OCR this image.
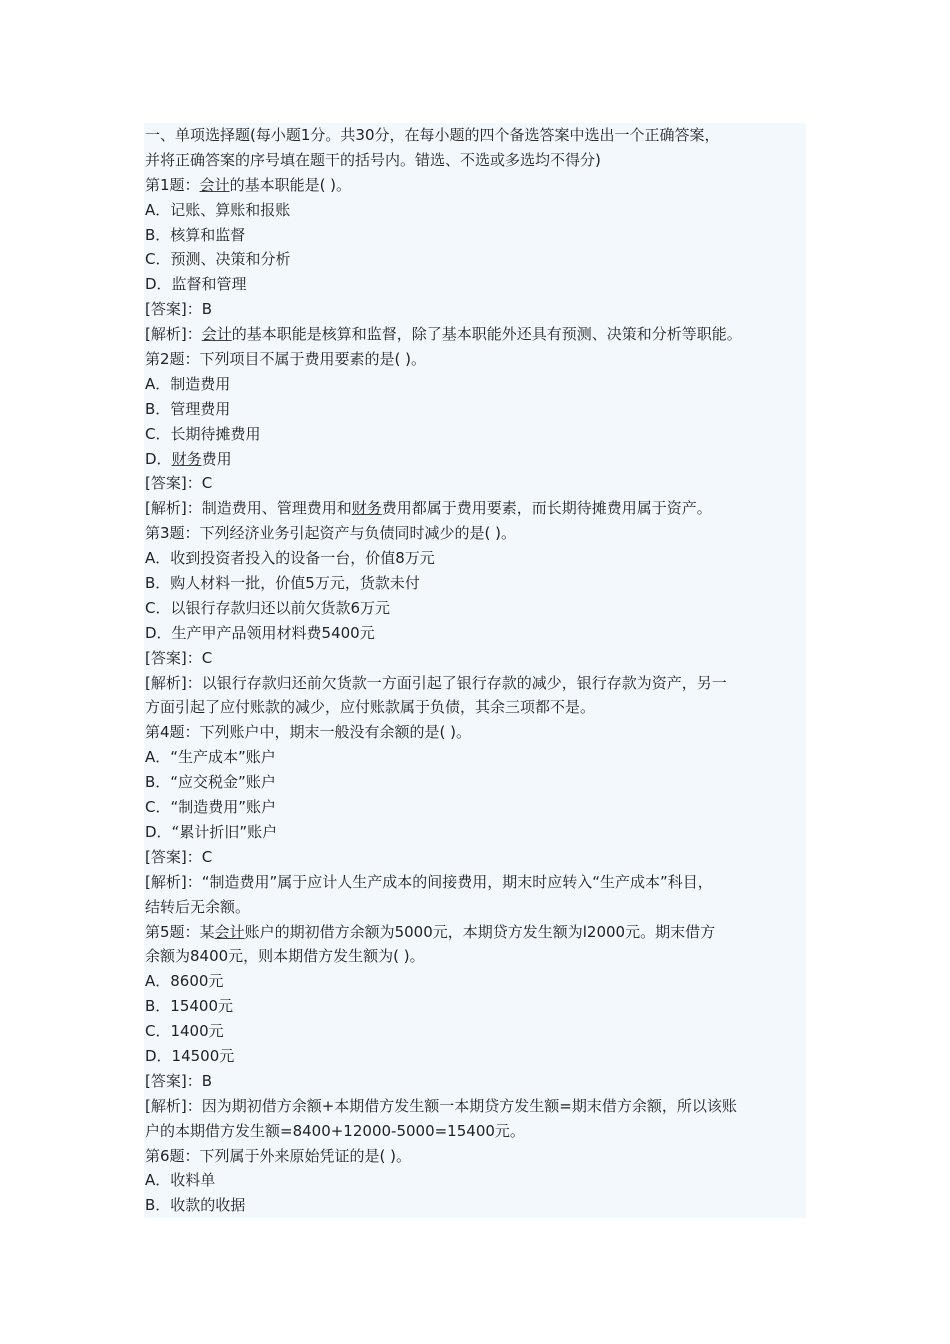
一、单项选择题(每小题1分。共30分，在每小题的四个备选答案中选出一个正确答案，
并将正确答案的序号填在题干的括号内。错选、不选或多选均不得分)
第1题：会计的基本职能是( )。
A．记账、算账和报账
B．核算和监督
C．预测、决策和分析
D．监督和管理
[答案]：B
[解析]：会计的基本职能是核算和监督，除了基本职能外还具有预测、决策和分析等职能。
第2题：下列项目不属于费用要素的是( )。
A．制造费用
B．管理费用
C．长期待摊费用
D．财务费用
[答案]：C
[解析]：制造费用、管理费用和财务费用都属于费用要素，而长期待摊费用属于资产。
第3题：下列经济业务引起资产与负债同时减少的是( )。
A．收到投资者投入的设备一台，价值8万元
B．购人材料一批，价值5万元，货款未付
C．以银行存款归还以前欠货款6万元
D．生产甲产品领用材料费5400元
[答案]：C
[解析]：以银行存款归还前欠货款一方面引起了银行存款的减少，银行存款为资产，另一
方面引起了应付账款的减少，应付账款属于负债，其余三项都不是。
第4题：下列账户中，期末一般没有余额的是( )。
A．“生产成本”账户
B．“应交税金”账户
C．“制造费用”账户
D．“累计折旧”账户
[答案]：C
[解析]：“制造费用”属于应计人生产成本的间接费用，期末时应转入“生产成本”科目，
结转后无余额。
第5题：某会计账户的期初借方余额为5000元，本期贷方发生额为l2000元。期末借方
余额为8400元，则本期借方发生额为( )。
A．8600元
B．15400元
C．1400元
D．14500元
[答案]：B
[解析]：因为期初借方余额+本期借方发生额一本期贷方发生额=期末借方余额，所以该账
户的本期借方发生额=8400+12000-5000=15400元。
第6题：下列属于外来原始凭证的是( )。
A．收料单
B．收款的收据
